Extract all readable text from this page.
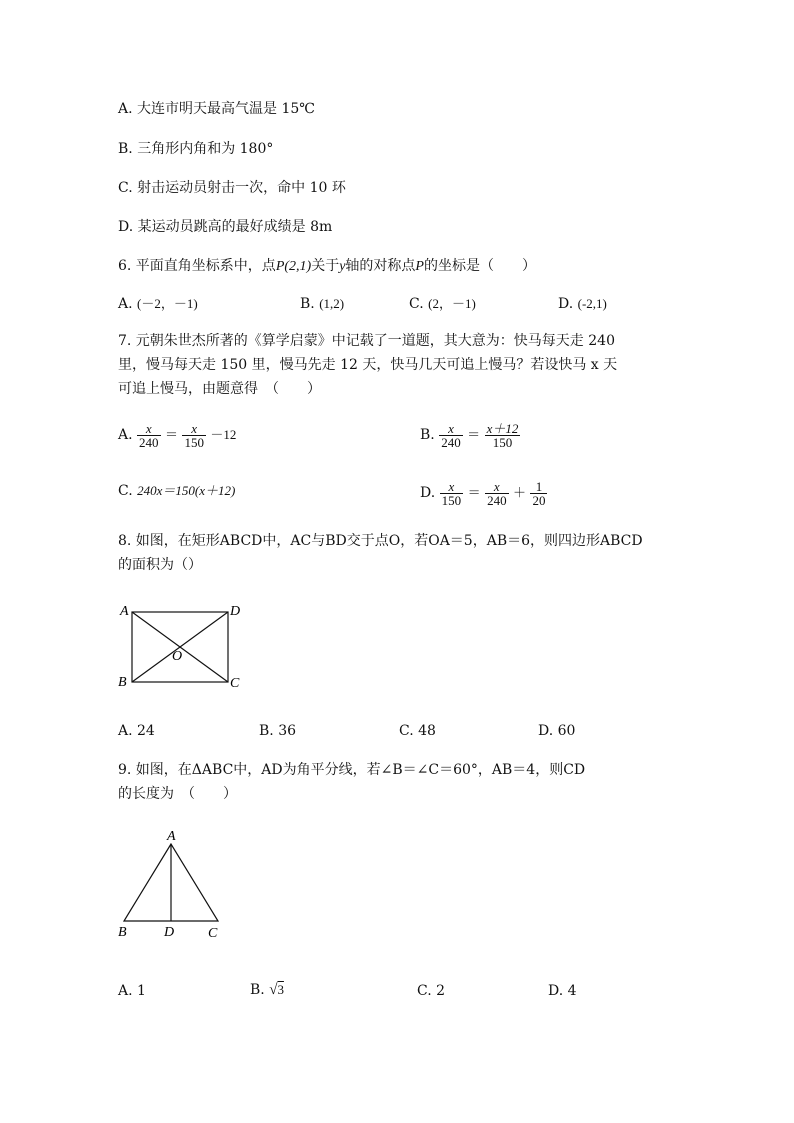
A. 大连市明天最高气温是 15℃
B. 三角形内角和为 180°
C. 射击运动员射击一次，命中 10 环
D. 某运动员跳高的最好成绩是 8m
6. 平面直角坐标系中，点P(2,1)关于y轴的对称点P的坐标是（　　）
A. (－2，－1)	B. (1,2)	C. (2，－1)	D. (-2,1)
7. 元朝朱世杰所著的《算学启蒙》中记载了一道题，其大意为：快马每天走 240
里，慢马每天走 150 里，慢马先走 12 天，快马几天可追上慢马？若设快马 x 天
可追上慢马，由题意得　（　　）
A. $\frac{x}{240} = \frac{x}{150} -12$	B. $\frac{x}{240} = \frac{x+12}{150}$
C. 240x＝150(x＋12)	D. $\frac{x}{150} = \frac{x}{240} + \frac{1}{20}$
8. 如图，在矩形ABCD中，AC与BD交于点O，若OA＝5，AB＝6，则四边形ABCD
的面积为（）
A	D
B	C
O
A. 24	B. 36	C. 48	D. 60
9. 如图，在ΔABC中，AD为角平分线，若∠B＝∠C＝60°，AB＝4，则CD
的长度为　（　　）
A
B	D C
A. 1	B. √3	C. 2	D. 4
